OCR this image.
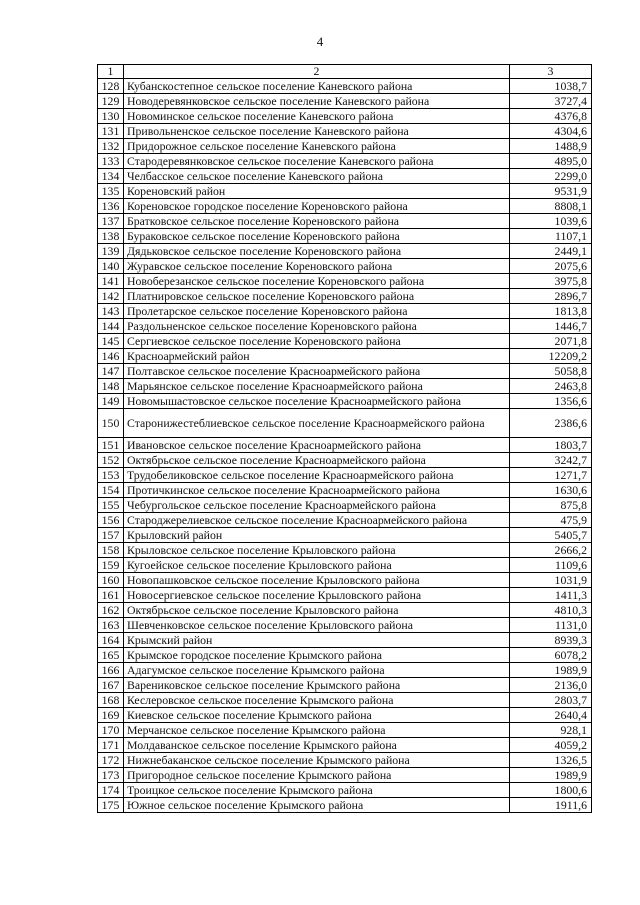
4
1	2	3
128	Кубанскостепное сельское поселение Каневского района	1038,7
129	Новодеревянковское сельское поселение Каневского района	3727,4
130	Новоминское сельское поселение Каневского района	4376,8
131	Привольненское сельское поселение Каневского района	4304,6
132	Придорожное сельское поселение Каневского района	1488,9
133	Стародеревянковское сельское поселение Каневского района	4895,0
134	Челбасское сельское поселение Каневского района	2299,0
135	Кореновский район	9531,9
136	Кореновское городское поселение Кореновского района	8808,1
137	Братковское сельское поселение Кореновского района	1039,6
138	Бураковское сельское поселение Кореновского района	1107,1
139	Дядьковское сельское поселение Кореновского района	2449,1
140	Журавское сельское поселение Кореновского района	2075,6
141	Новоберезанское сельское поселение Кореновского района	3975,8
142	Платнировское сельское поселение Кореновского района	2896,7
143	Пролетарское сельское поселение Кореновского района	1813,8
144	Раздольненское сельское поселение Кореновского района	1446,7
145	Сергиевское сельское поселение Кореновского района	2071,8
146	Красноармейский район	12209,2
147	Полтавское сельское поселение Красноармейского района	5058,8
148	Марьянское сельское поселение Красноармейского района	2463,8
149	Новомышастовское сельское поселение Красноармейского района	1356,6
150	Старонижестеблиевское сельское поселение Красноармейского района	2386,6
151	Ивановское сельское поселение Красноармейского района	1803,7
152	Октябрьское сельское поселение Красноармейского района	3242,7
153	Трудобеликовское сельское поселение Красноармейского района	1271,7
154	Протичкинское сельское поселение Красноармейского района	1630,6
155	Чебургольское сельское поселение Красноармейского района	875,8
156	Староджерелиевское сельское поселение Красноармейского района	475,9
157	Крыловский район	5405,7
158	Крыловское сельское поселение Крыловского района	2666,2
159	Кугоейское сельское поселение Крыловского района	1109,6
160	Новопашковское сельское поселение Крыловского района	1031,9
161	Новосергиевское сельское поселение Крыловского района	1411,3
162	Октябрьское сельское поселение Крыловского района	4810,3
163	Шевченковское сельское поселение Крыловского района	1131,0
164	Крымский район	8939,3
165	Крымское городское поселение Крымского района	6078,2
166	Адагумское сельское поселение Крымского района	1989,9
167	Варениковское сельское поселение Крымского района	2136,0
168	Кеслеровское сельское поселение Крымского района	2803,7
169	Киевское сельское поселение Крымского района	2640,4
170	Мерчанское сельское поселение Крымского района	928,1
171	Молдаванское сельское поселение Крымского района	4059,2
172	Нижнебаканское сельское поселение Крымского района	1326,5
173	Пригородное сельское поселение Крымского района	1989,9
174	Троицкое сельское поселение Крымского района	1800,6
175	Южное сельское поселение Крымского района	1911,6
